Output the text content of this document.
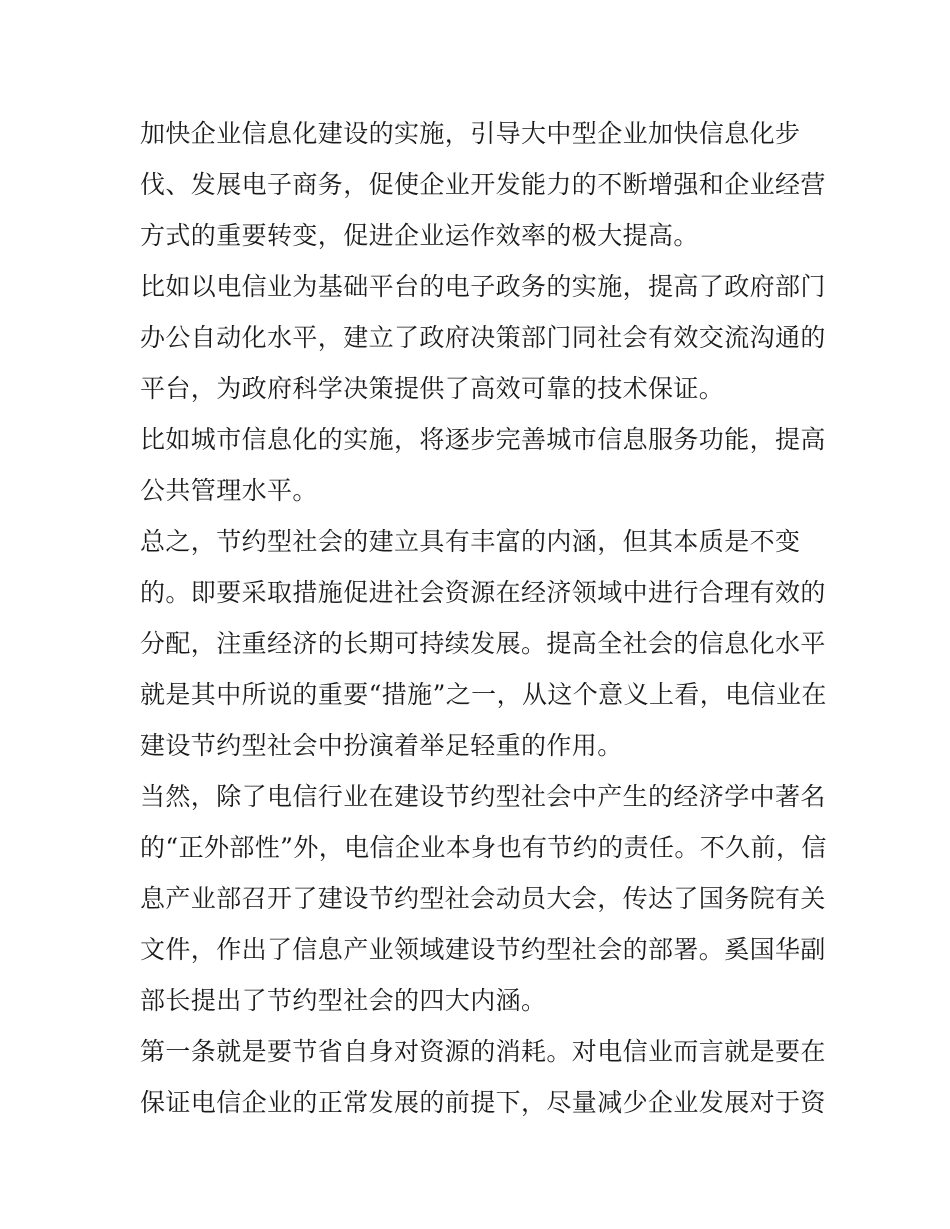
加快企业信息化建设的实施，引导大中型企业加快信息化步
伐、发展电子商务，促使企业开发能力的不断增强和企业经营
方式的重要转变，促进企业运作效率的极大提高。
比如以电信业为基础平台的电子政务的实施，提高了政府部门
办公自动化水平，建立了政府决策部门同社会有效交流沟通的
平台，为政府科学决策提供了高效可靠的技术保证。
比如城市信息化的实施，将逐步完善城市信息服务功能，提高
公共管理水平。
总之，节约型社会的建立具有丰富的内涵，但其本质是不变
的。即要采取措施促进社会资源在经济领域中进行合理有效的
分配，注重经济的长期可持续发展。提高全社会的信息化水平
就是其中所说的重要“措施”之一，从这个意义上看，电信业在
建设节约型社会中扮演着举足轻重的作用。
当然，除了电信行业在建设节约型社会中产生的经济学中著名
的“正外部性”外，电信企业本身也有节约的责任。不久前，信
息产业部召开了建设节约型社会动员大会，传达了国务院有关
文件，作出了信息产业领域建设节约型社会的部署。奚国华副
部长提出了节约型社会的四大内涵。
第一条就是要节省自身对资源的消耗。对电信业而言就是要在
保证电信企业的正常发展的前提下，尽量减少企业发展对于资
